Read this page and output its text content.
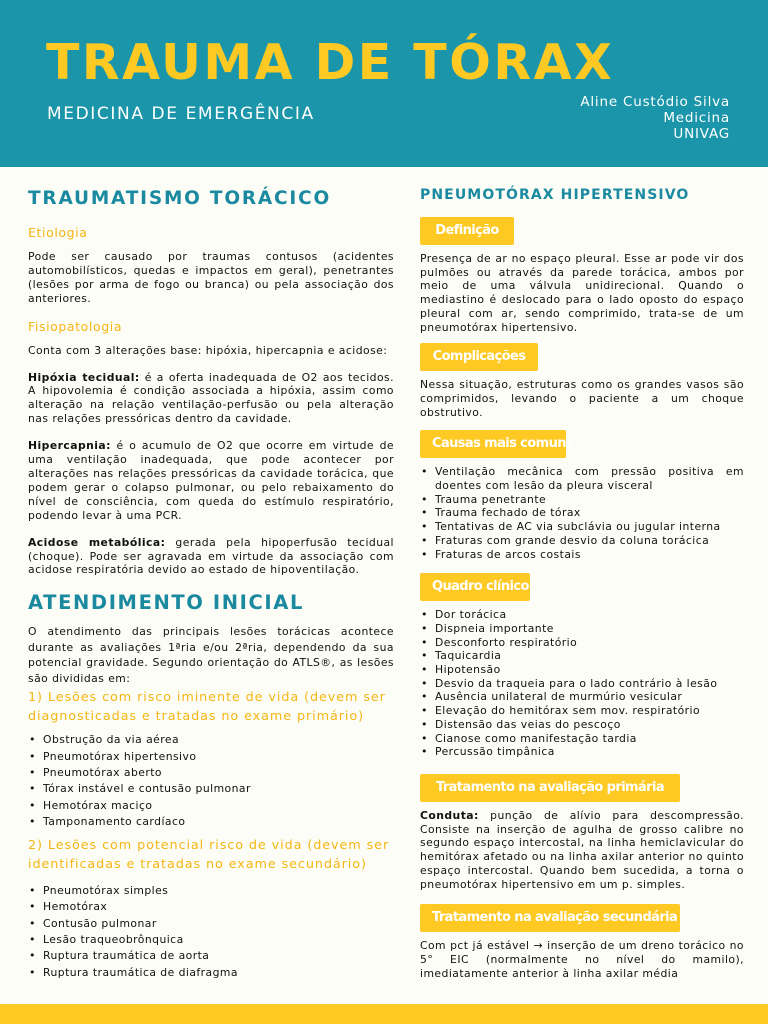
TRAUMA DE TÓRAX
MEDICINA DE EMERGÊNCIA
Aline Custódio Silva
Medicina
UNIVAG
TRAUMATISMO TORÁCICO
Etiologia

Pode ser causado por traumas contusos (acidentes automobilísticos, quedas e impactos em geral), penetrantes (lesões por arma de fogo ou branca) ou pela associação dos anteriores.

Fisiopatologia

Conta com 3 alterações base: hipóxia, hipercapnia e acidose:

Hipóxia tecidual: é a oferta inadequada de O2 aos tecidos. A hipovolemia é condição associada a hipóxia, assim como alteração na relação ventilação-perfusão ou pela alteração nas relações pressóricas dentro da cavidade.

Hipercapnia: é o acumulo de O2 que ocorre em virtude de uma ventilação inadequada, que pode acontecer por alterações nas relações pressóricas da cavidade torácica, que podem gerar o colapso pulmonar, ou pelo rebaixamento do nível de consciência, com queda do estímulo respiratório, podendo levar à uma PCR.

Acidose metabólica: gerada pela hipoperfusão tecidual (choque). Pode ser agravada em virtude da associação com acidose respiratória devido ao estado de hipoventilação.

ATENDIMENTO INICIAL

O atendimento das principais lesões torácicas acontece durante as avaliações 1ªria e/ou 2ªria, dependendo da sua potencial gravidade. Segundo orientação do ATLS®, as lesões são divididas em:

1) Lesões com risco iminente de vida (devem ser diagnosticadas e tratadas no exame primário)
• Obstrução da via aérea
• Pneumotórax hipertensivo
• Pneumotórax aberto
• Tórax instável e contusão pulmonar
• Hemotórax maciço
• Tamponamento cardíaco
2) Lesões com potencial risco de vida (devem ser identificadas e tratadas no exame secundário)
• Pneumotórax simples
• Hemotórax
• Contusão pulmonar
• Lesão traqueobrônquica
• Ruptura traumática de aorta
• Ruptura traumática de diafragma
PNEUMOTÓRAX HIPERTENSIVO
Definição

Presença de ar no espaço pleural. Esse ar pode vir dos pulmões ou através da parede torácica, ambos por meio de uma válvula unidirecional. Quando o mediastino é deslocado para o lado oposto do espaço pleural com ar, sendo comprimido, trata-se de um pneumotórax hipertensivo.

Complicações

Nessa situação, estruturas como os grandes vasos são comprimidos, levando o paciente a um choque obstrutivo.

Causas mais comuns
• Ventilação mecânica com pressão positiva em doentes com lesão da pleura visceral
• Trauma penetrante
• Trauma fechado de tórax
• Tentativas de AC via subclávia ou jugular interna
• Fraturas com grande desvio da coluna torácica
• Fraturas de arcos costais
Quadro clínico
• Dor torácica
• Dispneia importante
• Desconforto respiratório
• Taquicardia
• Hipotensão
• Desvio da traqueia para o lado contrário à lesão
• Ausência unilateral de murmúrio vesicular
• Elevação do hemitórax sem mov. respiratório
• Distensão das veias do pescoço
• Cianose como manifestação tardia
• Percussão timpânica
Tratamento na avaliação primária

Conduta: punção de alívio para descompressão. Consiste na inserção de agulha de grosso calibre no segundo espaço intercostal, na linha hemiclavicular do hemitórax afetado ou na linha axilar anterior no quinto espaço intercostal. Quando bem sucedida, a torna o pneumotórax hipertensivo em um p. simples.

Tratamento na avaliação secundária

Com pct já estável → inserção de um dreno torácico no 5° EIC (normalmente no nível do mamilo), imediatamente anterior à linha axilar média
